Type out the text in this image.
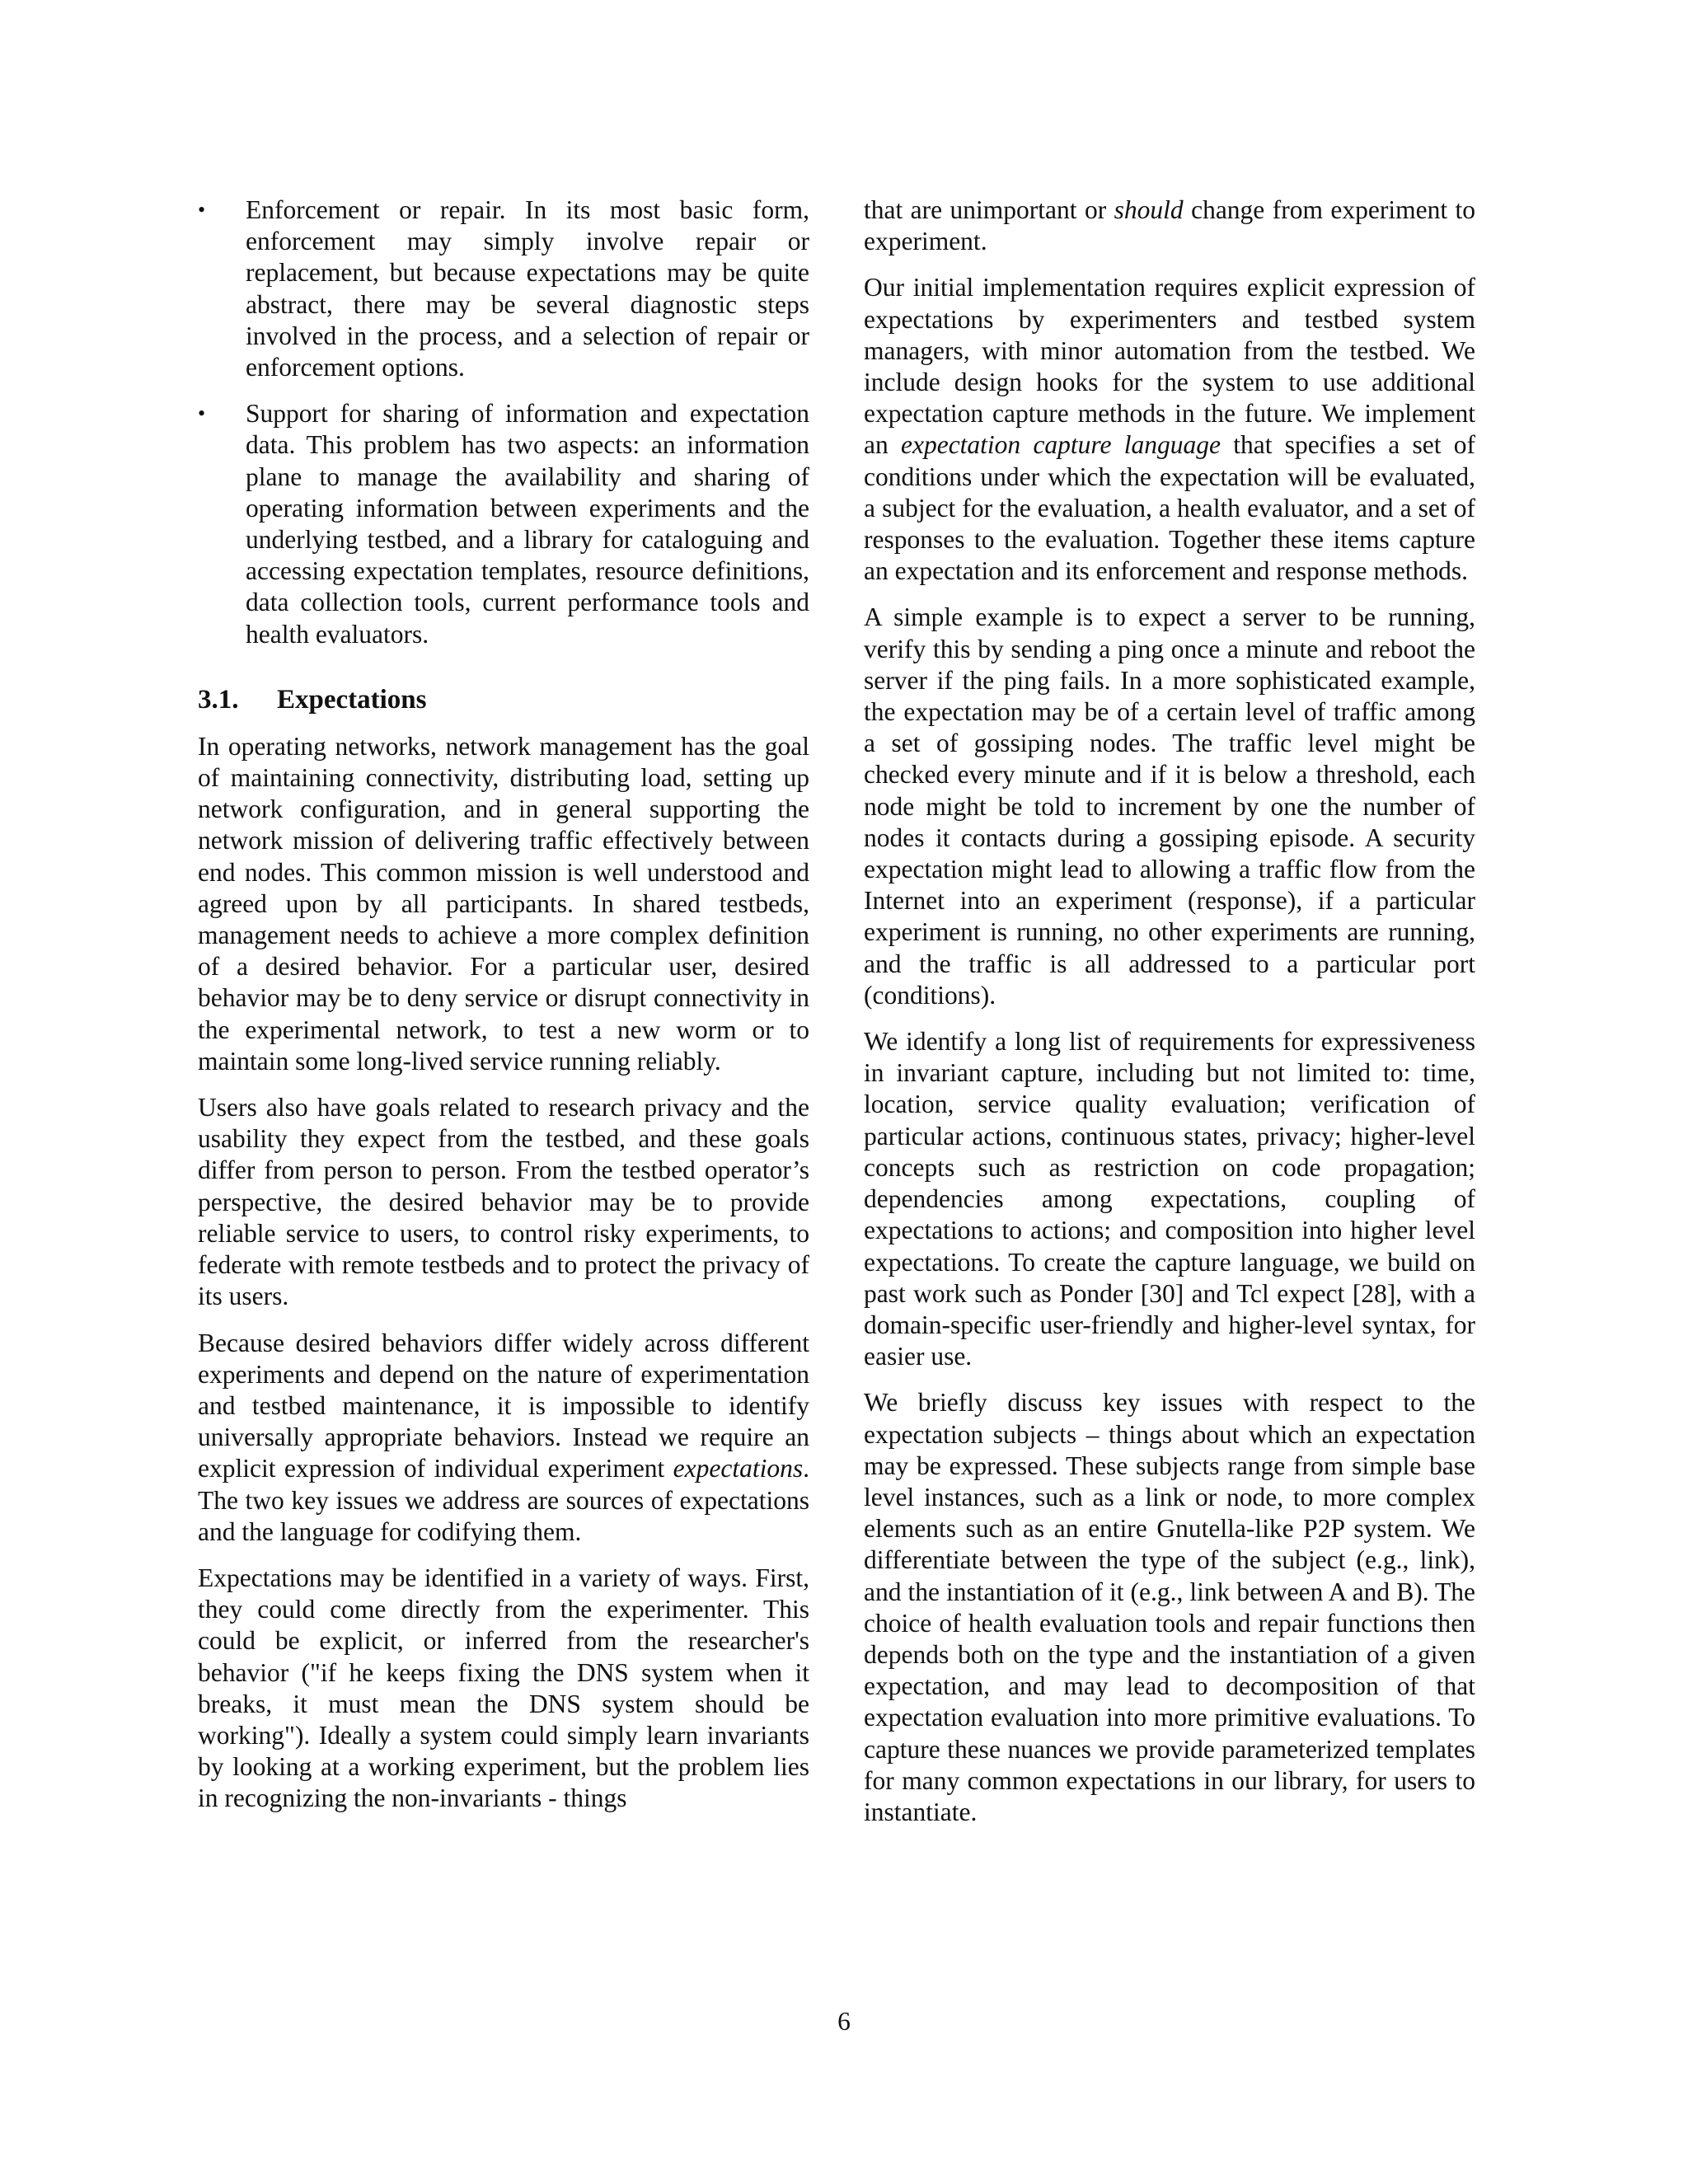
•	Enforcement or repair. In its most basic form, enforcement may simply involve repair or replacement, but because expectations may be quite abstract, there may be several diagnostic steps involved in the process, and a selection of repair or enforcement options.
•	Support for sharing of information and expectation data. This problem has two aspects: an information plane to manage the availability and sharing of operating information between experiments and the underlying testbed, and a library for cataloguing and accessing expectation templates, resource definitions, data collection tools, current performance tools and health evaluators.
3.1.	Expectations

In operating networks, network management has the goal of maintaining connectivity, distributing load, setting up network configuration, and in general supporting the network mission of delivering traffic effectively between end nodes. This common mission is well understood and agreed upon by all participants. In shared testbeds, management needs to achieve a more complex definition of a desired behavior. For a particular user, desired behavior may be to deny service or disrupt connectivity in the experimental network, to test a new worm or to maintain some long-lived service running reliably.

Users also have goals related to research privacy and the usability they expect from the testbed, and these goals differ from person to person. From the testbed operator’s perspective, the desired behavior may be to provide reliable service to users, to control risky experiments, to federate with remote testbeds and to protect the privacy of its users.

Because desired behaviors differ widely across different experiments and depend on the nature of experimentation and testbed maintenance, it is impossible to identify universally appropriate behaviors. Instead we require an explicit expression of individual experiment expectations. The two key issues we address are sources of expectations and the language for codifying them.

Expectations may be identified in a variety of ways. First, they could come directly from the experimenter. This could be explicit, or inferred from the researcher's behavior ("if he keeps fixing the DNS system when it breaks, it must mean the DNS system should be working"). Ideally a system could simply learn invariants by looking at a working experiment, but the problem lies in recognizing the non-invariants - things

that are unimportant or should change from experiment to experiment.

Our initial implementation requires explicit expression of expectations by experimenters and testbed system managers, with minor automation from the testbed. We include design hooks for the system to use additional expectation capture methods in the future. We implement an expectation capture language that specifies a set of conditions under which the expectation will be evaluated, a subject for the evaluation, a health evaluator, and a set of responses to the evaluation. Together these items capture an expectation and its enforcement and response methods.

A simple example is to expect a server to be running, verify this by sending a ping once a minute and reboot the server if the ping fails. In a more sophisticated example, the expectation may be of a certain level of traffic among a set of gossiping nodes. The traffic level might be checked every minute and if it is below a threshold, each node might be told to increment by one the number of nodes it contacts during a gossiping episode. A security expectation might lead to allowing a traffic flow from the Internet into an experiment (response), if a particular experiment is running, no other experiments are running, and the traffic is all addressed to a particular port (conditions).

We identify a long list of requirements for expressiveness in invariant capture, including but not limited to: time, location, service quality evaluation; verification of particular actions, continuous states, privacy; higher-level concepts such as restriction on code propagation; dependencies among expectations, coupling of expectations to actions; and composition into higher level expectations. To create the capture language, we build on past work such as Ponder [30] and Tcl expect [28], with a domain-specific user-friendly and higher-level syntax, for easier use.

We briefly discuss key issues with respect to the expectation subjects – things about which an expectation may be expressed. These subjects range from simple base level instances, such as a link or node, to more complex elements such as an entire Gnutella-like P2P system. We differentiate between the type of the subject (e.g., link), and the instantiation of it (e.g., link between A and B). The choice of health evaluation tools and repair functions then depends both on the type and the instantiation of a given expectation, and may lead to decomposition of that expectation evaluation into more primitive evaluations. To capture these nuances we provide parameterized templates for many common expectations in our library, for users to instantiate.

6
